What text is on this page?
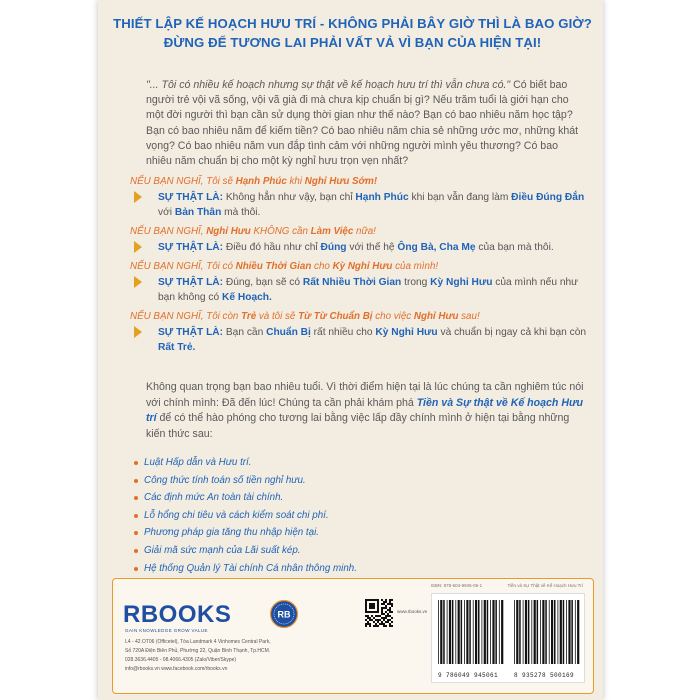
THIẾT LẬP KẾ HOẠCH HƯU TRÍ - KHÔNG PHẢI BÂY GIỜ THÌ LÀ BAO GIỜ?
ĐỪNG ĐỂ TƯƠNG LAI PHẢI VẤT VẢ VÌ BẠN CỦA HIỆN TẠI!

"... Tôi có nhiều kế hoạch nhưng sự thật về kế hoạch hưu trí thì vẫn chưa có." Có biết bao người trẻ vội vã sống, vội vã già đi mà chưa kịp chuẩn bị gì? Nếu trăm tuổi là giới hạn cho một đời người thì bạn cần sử dụng thời gian như thế nào? Bạn có bao nhiêu năm học tập? Bạn có bao nhiêu năm để kiếm tiền? Có bao nhiêu năm chia sẻ những ước mơ, những khát vọng? Có bao nhiêu năm vun đắp tình cảm với những người mình yêu thương? Có bao nhiêu năm chuẩn bị cho một kỳ nghỉ hưu trọn vẹn nhất?

NẾU BẠN NGHĨ, Tôi sẽ Hạnh Phúc khi Nghỉ Hưu Sớm!
SỰ THẬT LÀ: Không hẳn như vậy, bạn chỉ Hạnh Phúc khi bạn vẫn đang làm Điều Đúng Đắn với Bản Thân mà thôi.
NẾU BẠN NGHĨ, Nghỉ Hưu KHÔNG cần Làm Việc nữa!
SỰ THẬT LÀ: Điều đó hầu như chỉ Đúng với thế hệ Ông Bà, Cha Mẹ của bạn mà thôi.
NẾU BẠN NGHĨ, Tôi có Nhiều Thời Gian cho Kỳ Nghỉ Hưu của mình!
SỰ THẬT LÀ: Đúng, bạn sẽ có Rất Nhiều Thời Gian trong Kỳ Nghỉ Hưu của mình nếu như bạn không có Kế Hoạch.
NẾU BẠN NGHĨ, Tôi còn Trẻ và tôi sẽ Từ Từ Chuẩn Bị cho việc Nghỉ Hưu sau!
SỰ THẬT LÀ: Bạn cần Chuẩn Bị rất nhiều cho Kỳ Nghỉ Hưu và chuẩn bị ngay cả khi bạn còn Rất Trẻ.

Không quan trọng bạn bao nhiêu tuổi. Vì thời điểm hiện tại là lúc chúng ta cần nghiêm túc nói với chính mình: Đã đến lúc! Chúng ta cần phải khám phá Tiền và Sự thật về Kế hoạch Hưu trí để có thể hào phóng cho tương lai bằng việc lấp đầy chính mình ở hiện tại bằng những kiến thức sau:

Luật Hấp dẫn và Hưu trí.
Công thức tính toán số tiền nghỉ hưu.
Các định mức An toàn tài chính.
Lỗ hổng chi tiêu và cách kiểm soát chi phí.
Phương pháp gia tăng thu nhập hiện tại.
Giải mã sức mạnh của Lãi suất kép.
Hệ thống Quản lý Tài chính Cá nhân thông minh.
ISBN: 978-604-9945-06-1	Tiền và Sự Thật về Kế Hoạch Hưu Trí
RBOOKS
GAIN KNOWLEDGE GROW VALUE
RB
L4 - 42.OT06 (Officetel), Tòa Landmark 4 Vinhomes Central Park,
Số 720A Điện Biên Phủ, Phường 22, Quận Bình Thạnh, Tp.HCM.
028.3636.4405 - 08.4066.4305 (Zalo/Viber/Skype)
info@rbooks.vn www.facebook.com/rbooks.vn
www.rbooks.vn
9 786049 945061	8 935278 500169
